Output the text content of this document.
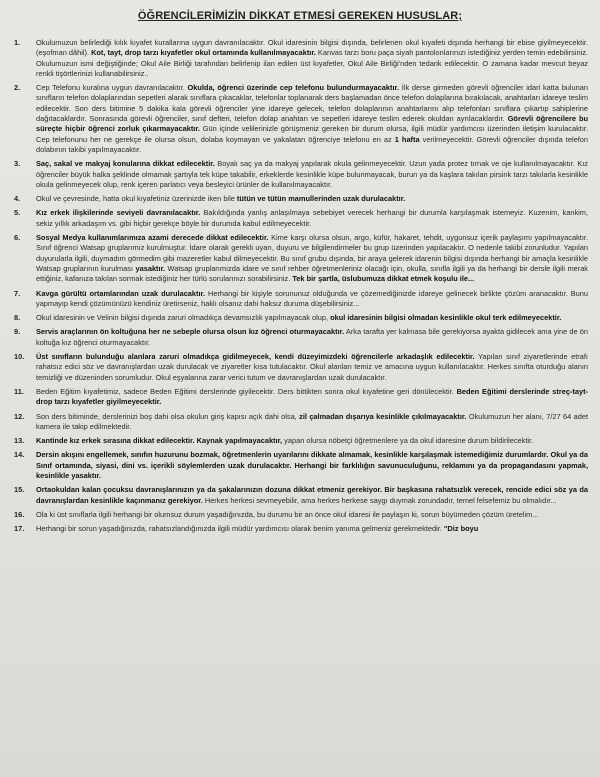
ÖĞRENCİLERİMİZİN DİKKAT ETMESİ GEREKEN HUSUSLAR;
1. Okulumuzun belirlediği kılık kıyafet kurallarına uygun davranılacaktır. Okul idaresinin bilgisi dışında, belirlenen okul kıyafeti dışında herhangi bir ebise giyilmeyecektir.(eşofman dâhil). Kot, tayt, drop tarzı kıyafetler okul ortamında kullanılmayacaktır. Kanvas tarzı boru paça siyah pantolonlarınızı istediğiniz yerden temin edebilirsiniz. Okulumuzun ismi değiştiğinde; Okul Aile Birliği tarafından belirlenip ilan edilen üst kıyafetler, Okul Aile Birliği'nden tedarik edilecektir. O zamana kadar mevcut beyaz renkli tişörtlerinizi kullanabilirsiniz..
2. Cep Telefonu kuralına uygun davranılacaktır. Okulda, öğrenci üzerinde cep telefonu bulundurmayacaktır. İlk derse girmeden görevli öğrenciler idari katta bulunan sınıfların telefon dolaplarından sepetleri alarak sınıflara çıkacaklar, telefonlar toplanarak ders başlamadan önce telefon dolaplarına bırakılacak, anahtarları idareye teslim edilecektir. Son ders bitimine 5 dakika kala görevli öğrenciler yine idareye gelecek, telefon dolaplarının anahtarlarını alıp telefonları sınıflara çıkartıp sahiplerine dağıtacaklardır. Sonrasında görevli öğrenciler, sınıf defteri, telefon dolap anahtarı ve sepetleri idareye teslim ederek okuldan ayrılacaklardır. Görevli öğrencilere bu süreçte hiçbir öğrenci zorluk çıkarmayacaktır. Gün içinde velilerinizle görüşmeniz gereken bir durum olursa, ilgili müdür yardımcısı üzerinden iletişim kurulacaktır. Cep telefonunu her ne gerekçe ile olursa olsun, dolaba koymayan ve yakalatan öğrenciye telefonu en az 1 hafta verilmeyecektir. Görevli öğrenciler dışında telefon dolabının takibi yapılmayacaktır.
3. Saç, sakal ve makyaj konularına dikkat edilecektir. Boyalı saç ya da makyaj yapılarak okula gelinmeyecektir. Uzun yada protez tırnak ve oje kullanılmayacaktır. Kız öğrenciler büyük halka şeklinde olmamak şartıyla tek küpe takabilir, erkeklerde kesinlikle küpe bulunmayacak, burun ya da kaşlara takılan pirsink tarzı takılarla kesinlikle okula gelinmeyecek olup, renk içeren parlatıcı veya besleyici ürünler de kullanılmayacaktır.
4. Okul ve çevresinde, hatta okul kıyafetiniz üzerinizde iken bile tütün ve tütün mamullerinden uzak durulacaktır.
5. Kız erkek ilişkilerinde seviyeli davranılacaktır. Bakıldığında yanlış anlaşılmaya sebebiyet verecek herhangi bir durumla karşılaşmak istemeyiz. Kuzenim, kankim, sekiz yıllık arkadaşım vs. gibi hiçbir gerekçe böyle bir durumda kabul edilmeyecektir.
6. Sosyal Medya kullanımlarımıza azami derecede dikkat edilecektir. Kime karşı olursa olsun, argo, küfür, hakaret, tehdit, uygunsuz içerik paylaşımı yapılmayacaktır. Sınıf öğrenci Watsap gruplarımız kurulmuştur. İdare olarak gerekli uyarı, duyuru ve bilgilendirmeler bu grup üzerinden yapılacaktır. O nedenle takibi zorunludur. Yapılan duyurularla ilgili, duymadım görmedim gibi mazeretler kabul dilmeyecektir. Bu sınıf grubu dışında, bir araya gelerek idarenin bilgisi dışında herhangi bir amaçla kesinlikle Watsap gruplarının kurulması yasaktır. Watsap gruplarımızda idare ve sınıf rehber öğretmenleriniz olacağı için, okulla, sınıfla ilgili ya da herhangi bir dersle ilgili merak ettiğiniz, kafanıza takılan sormak istediğiniz her türlü sorularınızı sorabilirsiniz. Tek bir şartla, üslubumuza dikkat etmek koşulu ile...
7. Kavga gürültü ortamlarından uzak durulacaktır. Herhangi bir kişiyle sorununuz olduğunda ve çözemediğinizde idareye gelinecek birlikte çözüm aranacaktır. Bunu yapmayıp kendi çözümünüzü kendiniz üretirseniz, haklı olsanız dahi haksız duruma düşebilirsiniz...
8. Okul idaresinin ve Velinin bilgisi dışında zaruri olmadıkça devamsızlık yapılmayacak olup, okul idaresinin bilgisi olmadan kesinlikle okul terk edilmeyecektir.
9. Servis araçlarının ön koltuğuna her ne sebeple olursa olsun kız öğrenci oturmayacaktır. Arka tarafta yer kalmasa bile gerekiyorsa ayakta gidilecek ama yine de ön koltuğa kız öğrenci oturmayacaktır.
10. Üst sınıfların bulunduğu alanlara zaruri olmadıkça gidilmeyecek, kendi düzeyimizdeki öğrencilerle arkadaşlık edilecektir. Yapılan sınıf ziyaretlerinde etrafı rahatsız edici söz ve davranışlardan uzak durulacak ve ziyaretler kısa tutulacaktır. Okul alanları temiz ve amacına uygun kullanılacaktır. Herkes sınıfta oturduğu alanın temizliği ve düzeninden sorumludur. Okul eşyalarına zarar verici tutum ve davranışlardan uzak durulacaktır.
11. Beden Eğitim kıyafetimiz, sadece Beden Eğitimi derslerinde giyilecektir. Ders bittikten sonra okul kıyafetine geri dönülecektir. Beden Eğitimi derslerinde streç-tayt-drop tarzı kıyafetler giyilmeyecektir.
12. Son ders bitiminde, derslerinizi boş dahi olsa okulun giriş kapısı açık dahi olsa, zil çalmadan dışarıya kesinlikle çıkılmayacaktır. Okulumuzun her alanı, 7/27 64 adet kamera ile takip edilmektedir.
13. Kantinde kız erkek sırasına dikkat edilecektir. Kaynak yapılmayacaktır, yapan olursa nöbetçi öğretmenlere ya da okul idaresine durum bildirilecektir.
14. Dersin akışını engellemek, sınıfın huzurunu bozmak, öğretmenlerin uyarılarını dikkate almamak, kesinlikle karşılaşmak istemediğimiz durumlardır. Okul ya da Sınıf ortamında, siyasi, dini vs. içerikli söylemlerden uzak durulacaktır. Herhangi bir farklılığın savunuculuğunu, reklamını ya da propagandasını yapmak, kesinlikle yasaktır.
15. Ortaokuldan kalan çocuksu davranışlarınızın ya da şakalarınızın dozuna dikkat etmeniz gerekiyor. Bir başkasına rahatsızlık verecek, rencide edici söz ya da davranışlardan kesinlikle kaçınmanız gerekiyor. Herkes herkesi sevmeyebilir, ama herkes herkese saygı duymak zorundadır, temel felsefemiz bu olmalıdır...
16. Ola ki üst sınıflarla ilgili herhangi bir olumsuz durum yaşadığınızda, bu durumu bir an önce okul idaresi ile paylaşın ki, sorun büyümeden çözüm üretelim...
17. Herhangi bir sorun yaşadığınızda, rahatsızlandığınızda ilgili müdür yardımcısı olarak benim yanıma gelmeniz gerekmektedir. "Diz boyu
